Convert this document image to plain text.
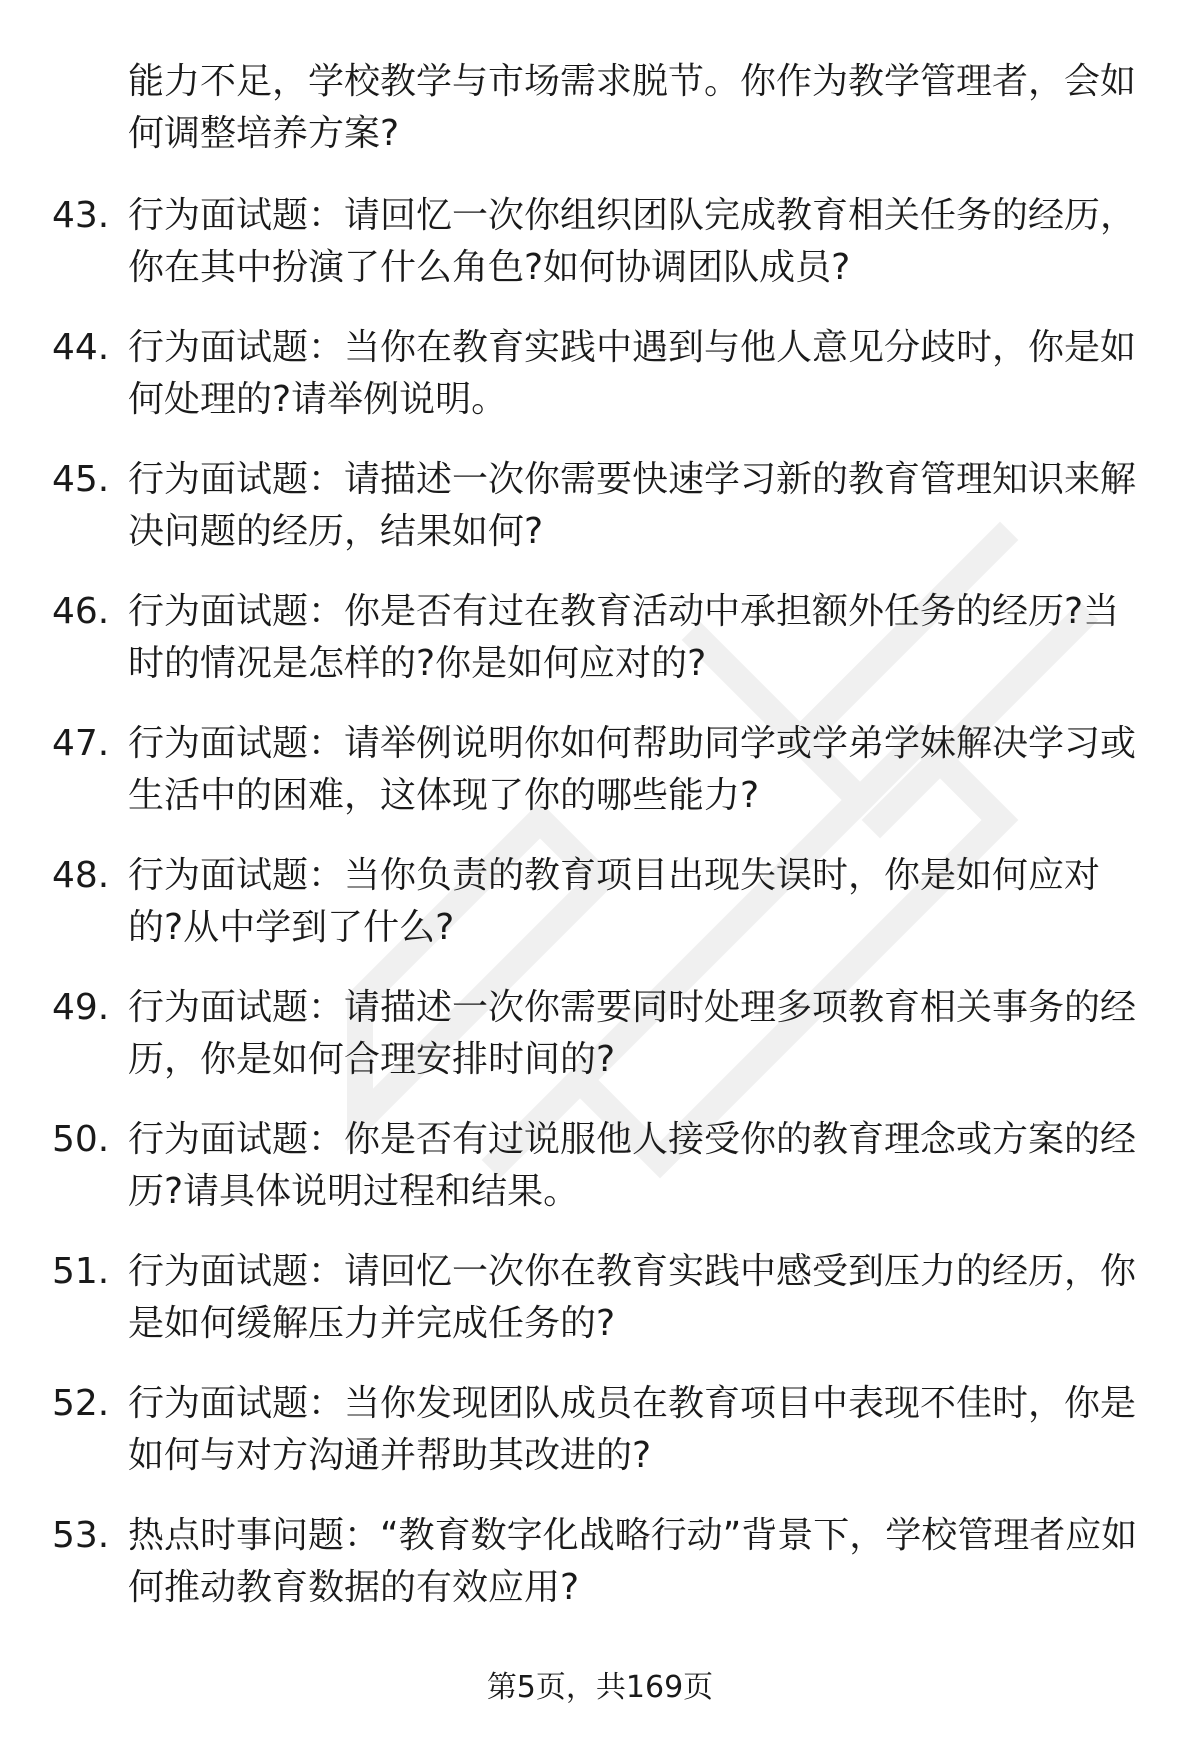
能力不足，学校教学与市场需求脱节。你作为教学管理者，会如何调整培养方案?
43. 行为面试题：请回忆一次你组织团队完成教育相关任务的经历，你在其中扮演了什么角色?如何协调团队成员?
44. 行为面试题：当你在教育实践中遇到与他人意见分歧时，你是如何处理的?请举例说明。
45. 行为面试题：请描述一次你需要快速学习新的教育管理知识来解决问题的经历，结果如何?
46. 行为面试题：你是否有过在教育活动中承担额外任务的经历?当时的情况是怎样的?你是如何应对的?
47. 行为面试题：请举例说明你如何帮助同学或学弟学妹解决学习或生活中的困难，这体现了你的哪些能力?
48. 行为面试题：当你负责的教育项目出现失误时，你是如何应对的?从中学到了什么?
49. 行为面试题：请描述一次你需要同时处理多项教育相关事务的经历，你是如何合理安排时间的?
50. 行为面试题：你是否有过说服他人接受你的教育理念或方案的经历?请具体说明过程和结果。
51. 行为面试题：请回忆一次你在教育实践中感受到压力的经历，你是如何缓解压力并完成任务的?
52. 行为面试题：当你发现团队成员在教育项目中表现不佳时，你是如何与对方沟通并帮助其改进的?
53. 热点时事问题：“教育数字化战略行动”背景下，学校管理者应如何推动教育数据的有效应用?
第5页，共169页
